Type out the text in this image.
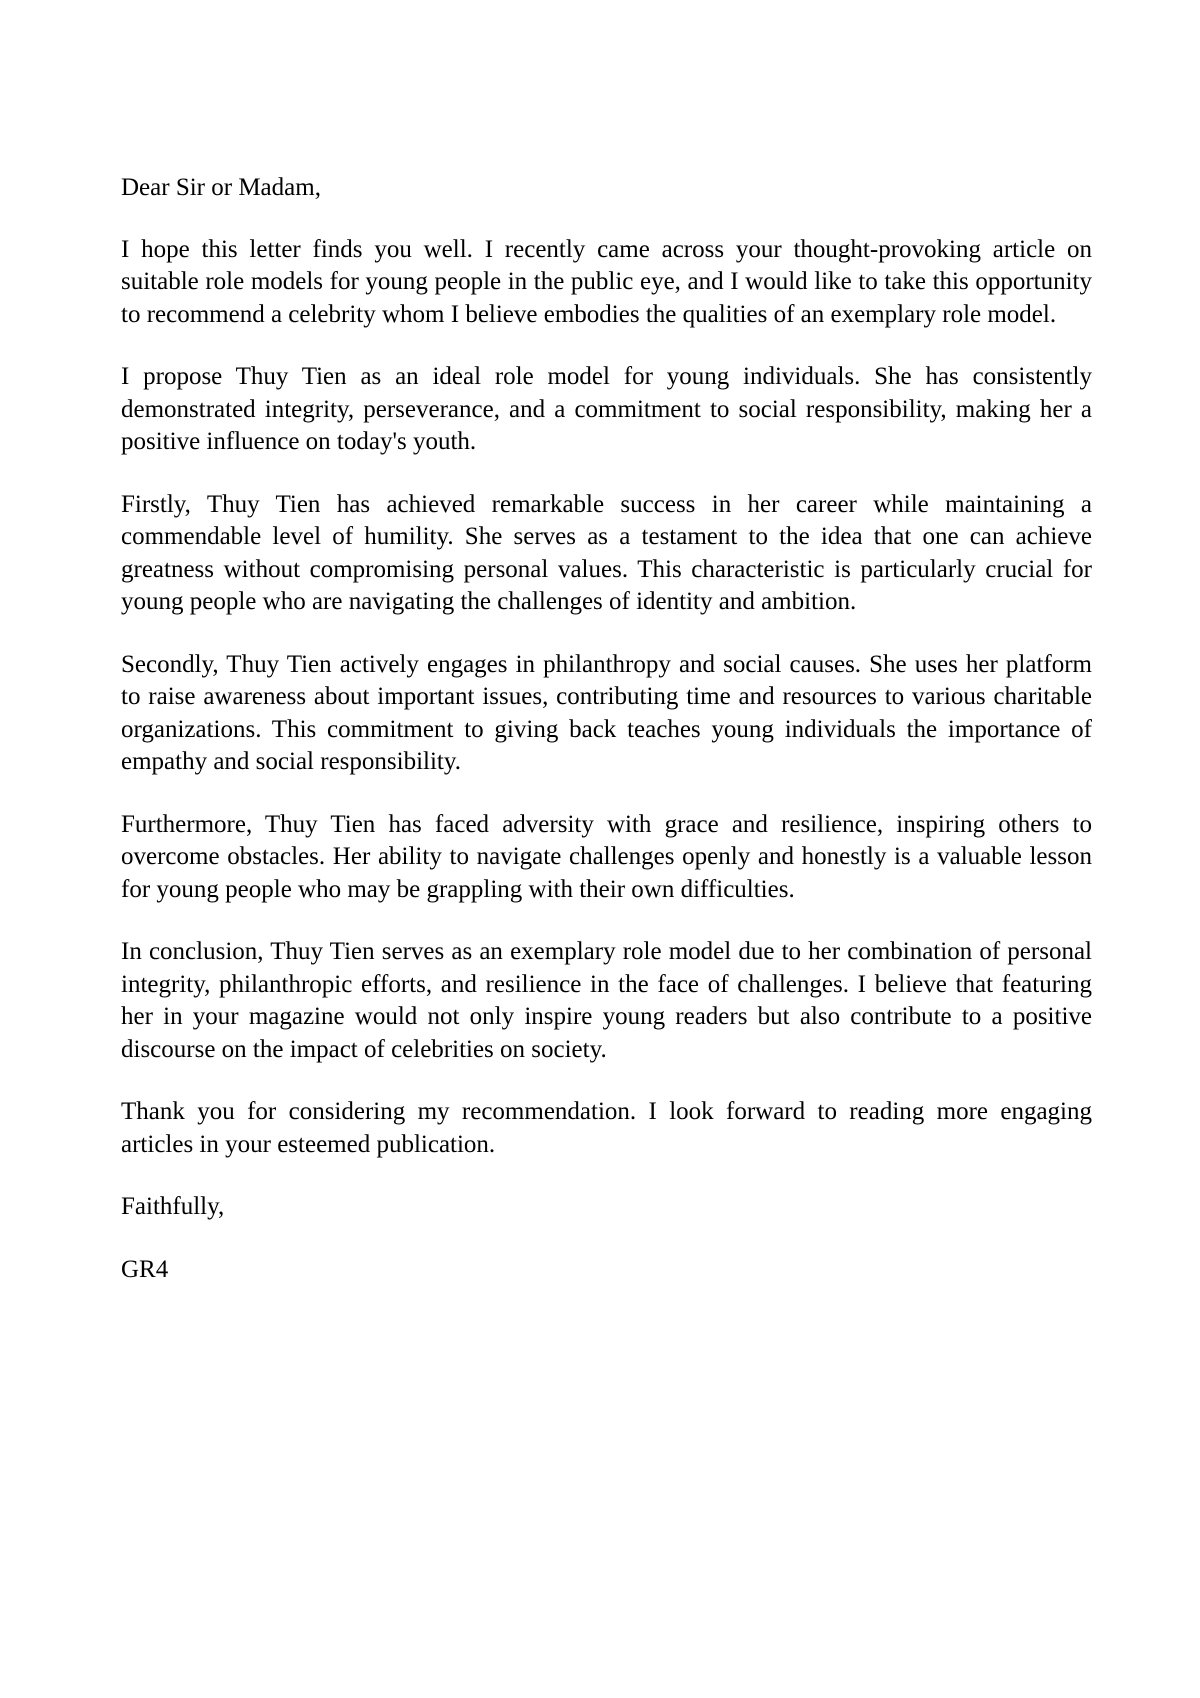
Dear Sir or Madam,

I hope this letter finds you well. I recently came across your thought-provoking article on suitable role models for young people in the public eye, and I would like to take this opportunity to recommend a celebrity whom I believe embodies the qualities of an exemplary role model.

I propose Thuy Tien as an ideal role model for young individuals. She has consistently demonstrated integrity, perseverance, and a commitment to social responsibility, making her a positive influence on today's youth.

Firstly, Thuy Tien has achieved remarkable success in her career while maintaining a commendable level of humility. She serves as a testament to the idea that one can achieve greatness without compromising personal values. This characteristic is particularly crucial for young people who are navigating the challenges of identity and ambition.

Secondly, Thuy Tien actively engages in philanthropy and social causes. She uses her platform to raise awareness about important issues, contributing time and resources to various charitable organizations. This commitment to giving back teaches young individuals the importance of empathy and social responsibility.

Furthermore, Thuy Tien has faced adversity with grace and resilience, inspiring others to overcome obstacles. Her ability to navigate challenges openly and honestly is a valuable lesson for young people who may be grappling with their own difficulties.

In conclusion, Thuy Tien serves as an exemplary role model due to her combination of personal integrity, philanthropic efforts, and resilience in the face of challenges. I believe that featuring her in your magazine would not only inspire young readers but also contribute to a positive discourse on the impact of celebrities on society.

Thank you for considering my recommendation. I look forward to reading more engaging articles in your esteemed publication.

Faithfully,

GR4
